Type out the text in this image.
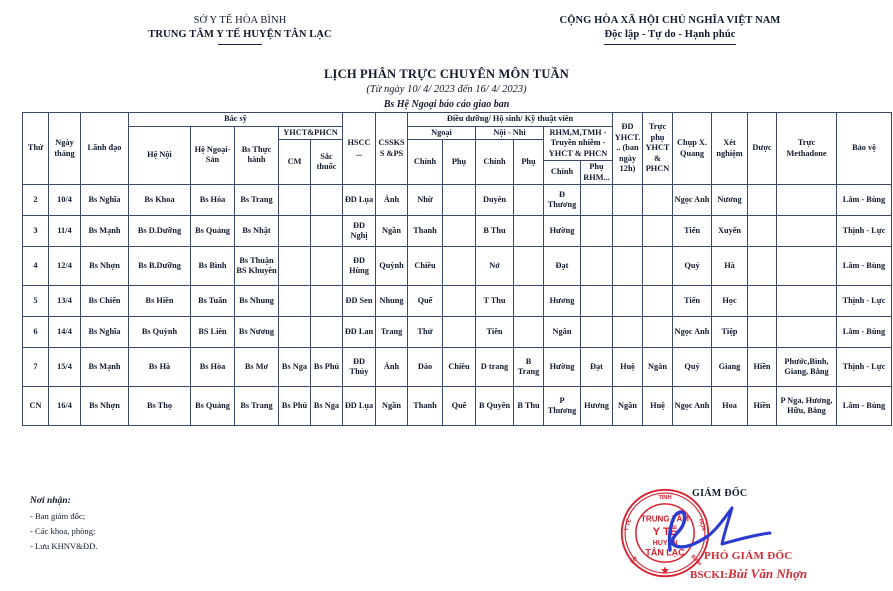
SỞ Y TẾ HÒA BÌNH
TRUNG TÂM Y TẾ HUYỆN TÂN LẠC
CỘNG HÒA XÃ HỘI CHỦ NGHĨA VIỆT NAM
Độc lập - Tự do - Hạnh phúc
LỊCH PHÂN TRỰC CHUYÊN MÔN TUẦN
(Từ ngày 10/ 4/ 2023 đến 16/ 4/ 2023)
Bs Hệ Ngoại báo cáo giao ban
Thứ	Ngày tháng	Lãnh đạo	Bác sỹ					HSCC ...	CSSKS S &PS	Điều dưỡng/ Hộ sinh/ Kỹ thuật viên						ĐD YHCT. .. (ban ngày 12h)	Trực phụ YHCT & PHCN	Chụp X. Quang	Xét nghiệm	Dược	Trực Methadone	Bảo vệ
			Hệ Nội	Hệ Ngoại- Sản	Bs Thực hành	YHCT&PHCN				Ngoại		Nội - Nhi		RHM,M,TMH - Truyền nhiễm - YHCT & PHCN								
						CM	Sắc thuốc			Chính	Phụ	Chính	Phụ									
														Chính	Phụ RHM...							
2	10/4	Bs Nghĩa	Bs Khoa	Bs Hóa	Bs Trang			ĐD Lụa	Ánh	Nhừ		Duyên		Đ Thương				Ngọc Anh	Nương			Lâm - Bùng
3	11/4	Bs Mạnh	Bs D.Dưỡng	Bs Quảng	Bs Nhật			ĐD Nghị	Ngần	Thanh		B Thu		Hường				Tiến	Xuyến			Thịnh - Lực
4	12/4	Bs Nhợn	Bs B.Dưỡng	Bs Bình	Bs Thuận BS Khuyên			ĐD Hùng	Quỳnh	Chiêu		Nở		Đạt				Quý	Hà			Lâm - Bùng
5	13/4	Bs Chiến	Bs Hiền	Bs Tuấn	Bs Nhung			ĐD Sen	Nhung	Quế		T Thu		Hương				Tiến	Học			Thịnh - Lực
6	14/4	Bs Nghĩa	Bs Quỳnh	BS Liên	Bs Nương			ĐD Lan	Trang	Thử		Tiên		Ngân				Ngọc Anh	Tiệp			Lâm - Bùng
7	15/4	Bs Mạnh	Bs Hà	Bs Hòa	Bs Mơ	Bs Nga	Bs Phú	ĐD Thúy	Ánh	Dào	Chiêu	D trang	B Trang	Hường	Đạt	Huệ	Ngân	Quý	Giang	Hiền	Phước,Bình, Giang, Bằng	Thịnh - Lực
CN	16/4	Bs Nhợn	Bs Thọ	Bs Quảng	Bs Trang	Bs Phú	Bs Nga	ĐD Lụa	Ngần	Thanh	Quế	B Quyên	B Thu	P Thương	Hương	Ngân	Huệ	Ngọc Anh	Hoa	Hiền	P Nga, Hương, Hữu, Bằng	Lâm - Bùng
Nơi nhận:
- Ban giám đốc;
- Các khoa, phòng;
- Lưu KHNV&ĐD.
GIÁM ĐỐC
TỈNH
Y TẾ	HÒA
SỞ	BÌNH
TRUNG TÂM
Y TẾ
HUYỆN
TÂN LẠC
★
PHÓ GIÁM ĐỐC
BSCKI:Bùi Văn Nhợn
